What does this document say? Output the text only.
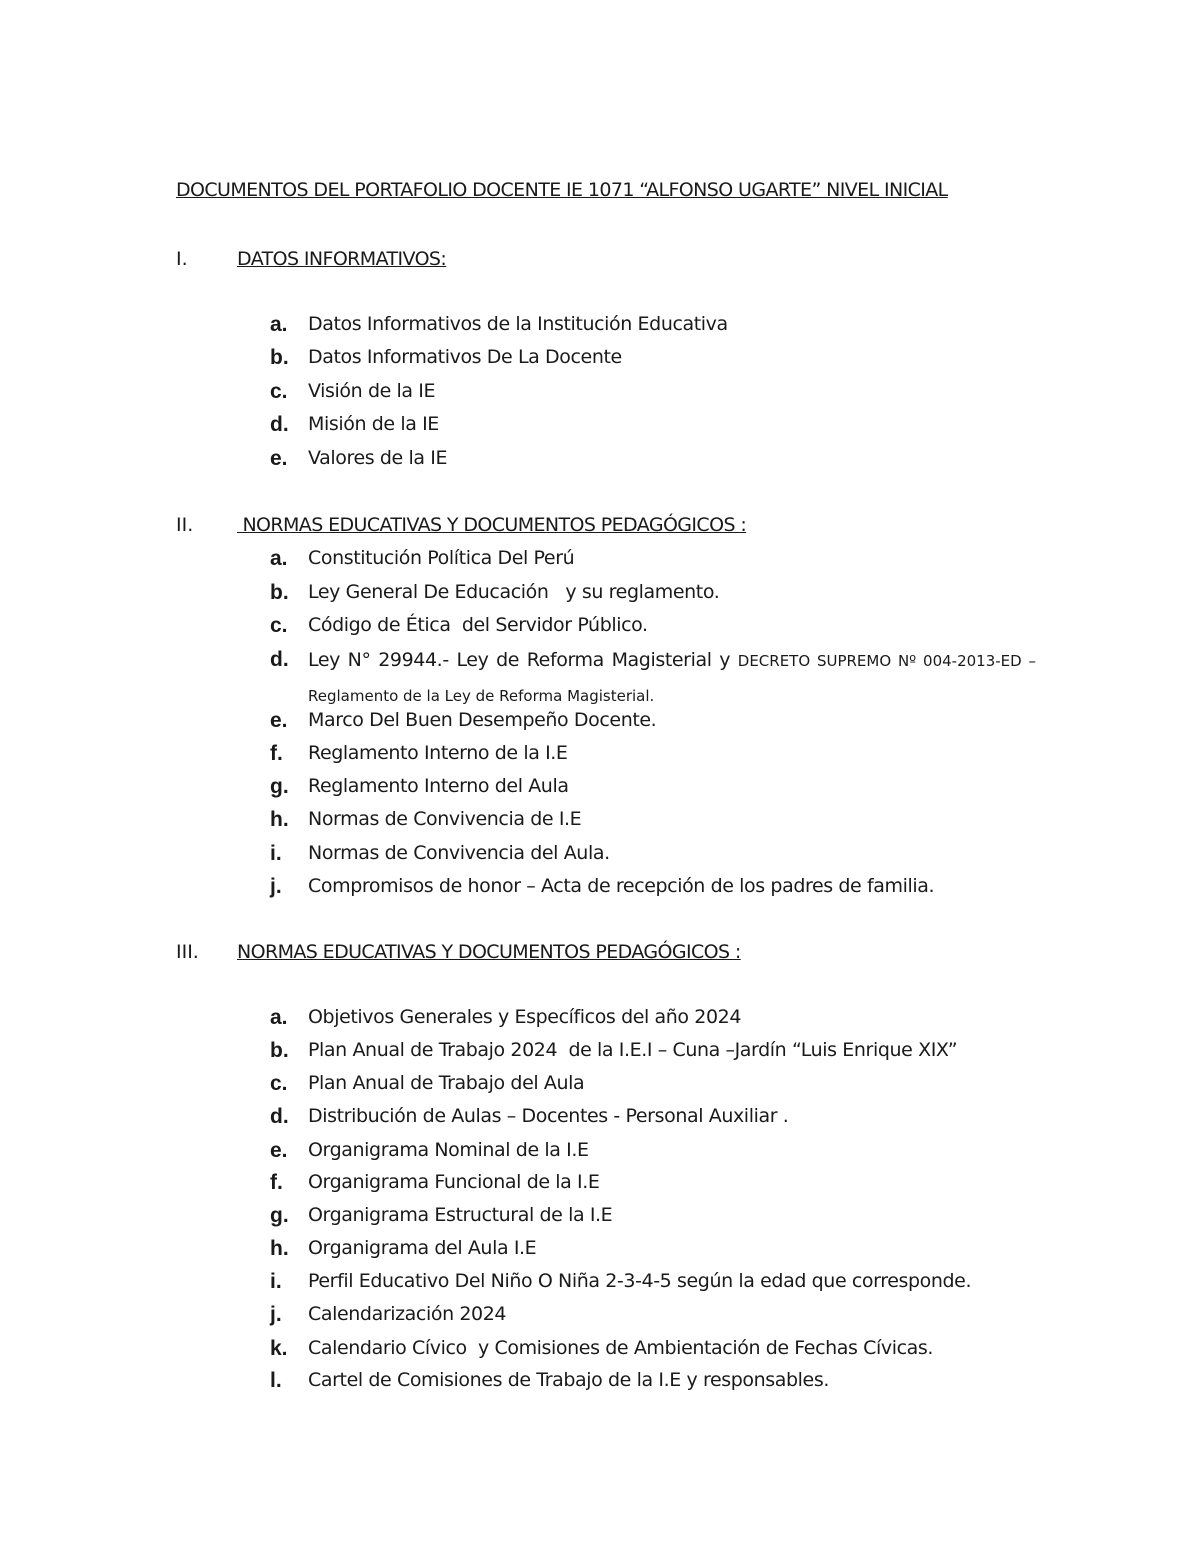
DOCUMENTOS DEL PORTAFOLIO DOCENTE IE 1071 “ALFONSO UGARTE” NIVEL INICIAL
I.	DATOS INFORMATIVOS:
a. Datos Informativos de la Institución Educativa
b. Datos Informativos De La Docente
c. Visión de la IE
d. Misión de la IE
e. Valores de la IE
II. NORMAS EDUCATIVAS Y DOCUMENTOS PEDAGÓGICOS :
a. Constitución Política Del Perú
b. Ley General De Educación   y su reglamento.
c. Código de Ética  del Servidor Público.
d. Ley N° 29944.- Ley de Reforma Magisterial y DECRETO SUPREMO Nº 004-2013-ED – Reglamento de la Ley de Reforma Magisterial.
e. Marco Del Buen Desempeño Docente.
f. Reglamento Interno de la I.E
g. Reglamento Interno del Aula
h. Normas de Convivencia de I.E
i. Normas de Convivencia del Aula.
j. Compromisos de honor – Acta de recepción de los padres de familia.
III. NORMAS EDUCATIVAS Y DOCUMENTOS PEDAGÓGICOS :
a. Objetivos Generales y Específicos del año 2024
b. Plan Anual de Trabajo 2024  de la I.E.I – Cuna –Jardín “Luis Enrique XIX”
c. Plan Anual de Trabajo del Aula
d. Distribución de Aulas – Docentes - Personal Auxiliar .
e. Organigrama Nominal de la I.E
f. Organigrama Funcional de la I.E
g. Organigrama Estructural de la I.E
h. Organigrama del Aula I.E
i. Perfil Educativo Del Niño O Niña 2-3-4-5 según la edad que corresponde.
j. Calendarización 2024
k. Calendario Cívico  y Comisiones de Ambientación de Fechas Cívicas.
l. Cartel de Comisiones de Trabajo de la I.E y responsables.
